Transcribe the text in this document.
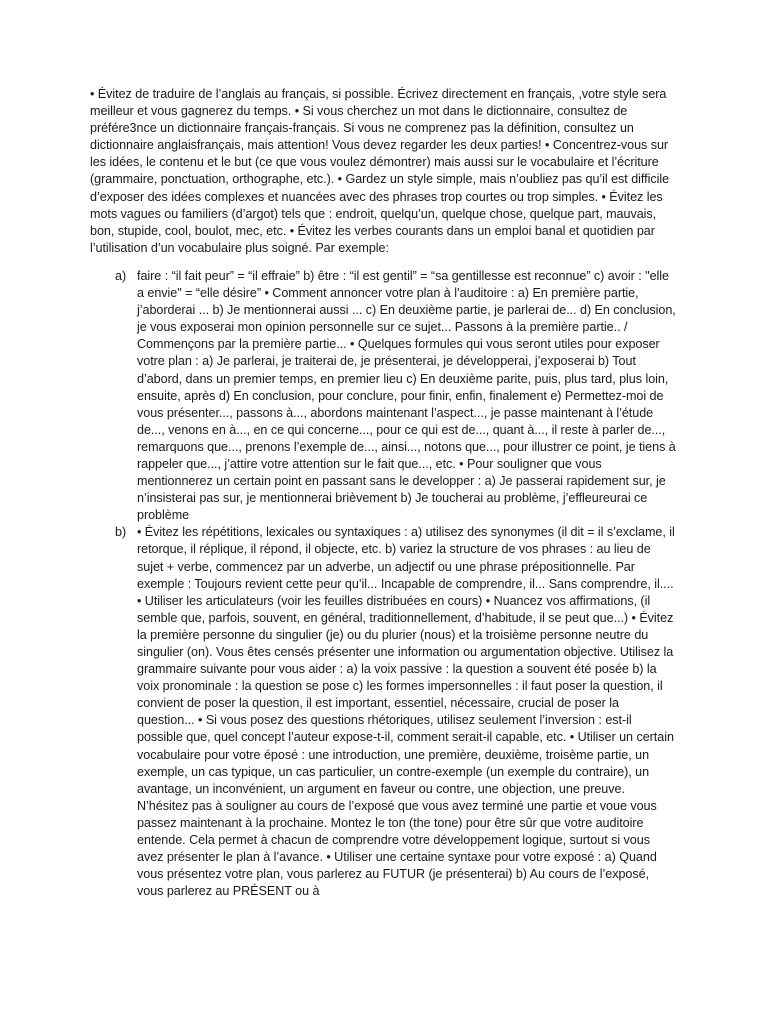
• Évitez de traduire de l’anglais au français, si possible. Écrivez directement en français, ,votre style sera meilleur et vous gagnerez du temps. • Si vous cherchez un mot dans le dictionnaire, consultez de préfére3nce un dictionnaire français-français. Si vous ne comprenez pas la définition, consultez un dictionnaire anglaisfrançais, mais attention! Vous devez regarder les deux parties! • Concentrez-vous sur les idées, le contenu et le but (ce que vous voulez démontrer) mais aussi sur le vocabulaire et l’écriture (grammaire, ponctuation, orthographe, etc.). • Gardez un style simple, mais n’oubliez pas qu’il est difficile d’exposer des idées complexes et nuancées avec des phrases trop courtes ou trop simples. • Évitez les mots vagues ou familiers (d’argot) tels que : endroit, quelqu’un, quelque chose, quelque part, mauvais, bon, stupide, cool, boulot, mec, etc. • Évitez les verbes courants dans un emploi banal et quotidien par l’utilisation d’un vocabulaire plus soigné. Par exemple:

a) faire : “il fait peur” = “il effraie” b) être : “il est gentil” = “sa gentillesse est reconnue” c) avoir : "elle a envie" = “elle désire” • Comment annoncer votre plan à l’auditoire : a) En première partie, j’aborderai ... b) Je mentionnerai aussi ... c) En deuxième partie, je parlerai de... d) En conclusion, je vous exposerai mon opinion personnelle sur ce sujet... Passons à la première partie.. / Commençons par la première partie... • Quelques formules qui vous seront utiles pour exposer votre plan : a) Je parlerai, je traiterai de, je présenterai, je développerai, j’exposerai b) Tout d’abord, dans un premier temps, en premier lieu c) En deuxième parite, puis, plus tard, plus loin, ensuite, après d) En conclusion, pour conclure, pour finir, enfin, finalement e) Permettez-moi de vous présenter..., passons à..., abordons maintenant l’aspect..., je passe maintenant à l’étude de..., venons en à..., en ce qui concerne..., pour ce qui est de..., quant à..., il reste à parler de..., remarquons que..., prenons l’exemple de..., ainsi..., notons que..., pour illustrer ce point, je tiens à rappeler que..., j’attire votre attention sur le fait que..., etc. • Pour souligner que vous mentionnerez un certain point en passant sans le developper : a) Je passerai rapidement sur, je n’insisterai pas sur, je mentionnerai brièvement b) Je toucherai au problème, j’effleureurai ce problème
b) • Évitez les répétitions, lexicales ou syntaxiques : a) utilisez des synonymes (il dit = il s’exclame, il retorque, il réplique, il répond, il objecte, etc. b) variez la structure de vos phrases : au lieu de sujet + verbe, commencez par un adverbe, un adjectif ou une phrase prépositionnelle. Par exemple : Toujours revient cette peur qu’il... Incapable de comprendre, il... Sans comprendre, il.... • Utiliser les articulateurs (voir les feuilles distribuées en cours) • Nuancez vos affirmations, (il semble que, parfois, souvent, en général, traditionnellement, d’habitude, il se peut que...) • Évitez la première personne du singulier (je) ou du plurier (nous) et la troisième personne neutre du singulier (on). Vous êtes censés présenter une information ou argumentation objective. Utilisez la grammaire suivante pour vous aider : a) la voix passive : la question a souvent été posée b) la voix pronominale : la question se pose c) les formes impersonnelles : il faut poser la question, il convient de poser la question, il est important, essentiel, nécessaire, crucial de poser la question... • Si vous posez des questions rhétoriques, utilisez seulement l’inversion : est-il possible que, quel concept l’auteur expose-t-il, comment serait-il capable, etc. • Utiliser un certain vocabulaire pour votre éposé : une introduction, une première, deuxième, troisème partie, un exemple, un cas typique, un cas particulier, un contre-exemple (un exemple du contraire), un avantage, un inconvénient, un argument en faveur ou contre, une objection, une preuve. N’hésitez pas à souligner au cours de l’exposé que vous avez terminé une partie et voue vous passez maintenant à la prochaine. Montez le ton (the tone) pour être sûr que votre auditoire entende. Cela permet à chacun de comprendre votre développement logique, surtout si vous avez présenter le plan à l’avance. • Utiliser une certaine syntaxe pour votre exposé : a) Quand vous présentez votre plan, vous parlerez au FUTUR (je présenterai) b) Au cours de l’exposé, vous parlerez au PRÉSENT ou à
